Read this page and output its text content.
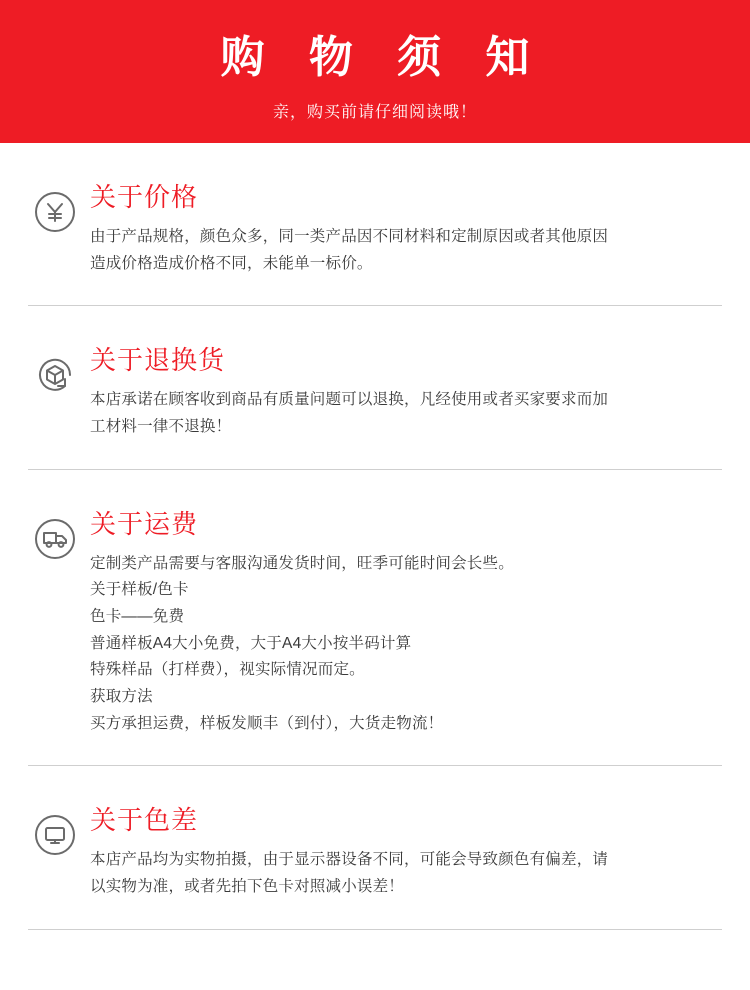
购 物 须 知
亲，购买前请仔细阅读哦！
关于价格

由于产品规格，颜色众多，同一类产品因不同材料和定制原因或者其他原因

造成价格造成价格不同，未能单一标价。

关于退换货

本店承诺在顾客收到商品有质量问题可以退换，凡经使用或者买家要求而加

工材料一律不退换！

关于运费

定制类产品需要与客服沟通发货时间，旺季可能时间会长些。

关于样板/色卡

色卡——免费

普通样板A4大小免费，大于A4大小按半码计算

特殊样品（打样费），视实际情况而定。

获取方法

买方承担运费，样板发顺丰（到付），大货走物流！

关于色差

本店产品均为实物拍摄，由于显示器设备不同，可能会导致颜色有偏差，请

以实物为准，或者先拍下色卡对照减小误差！
